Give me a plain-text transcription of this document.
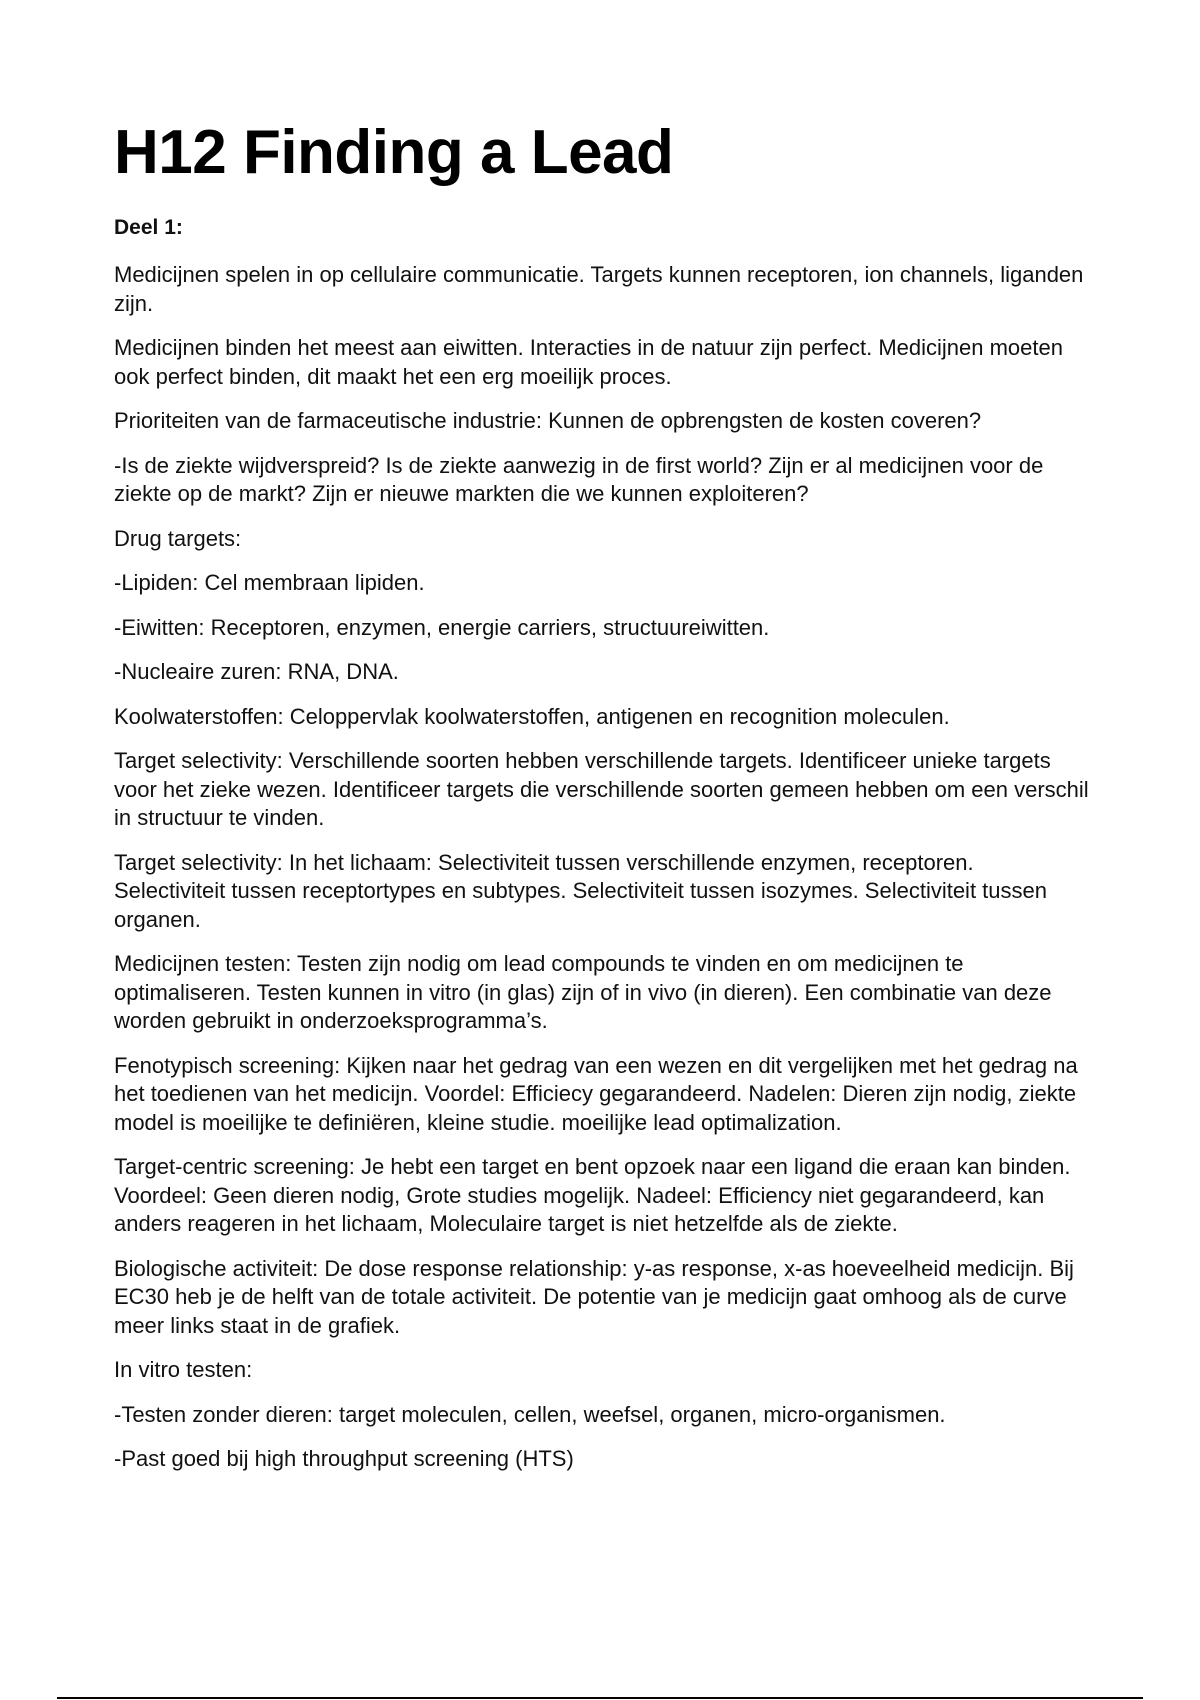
H12 Finding a Lead

Deel 1:

Medicijnen spelen in op cellulaire communicatie. Targets kunnen receptoren, ion channels, liganden zijn.

Medicijnen binden het meest aan eiwitten. Interacties in de natuur zijn perfect. Medicijnen moeten ook perfect binden, dit maakt het een erg moeilijk proces.

Prioriteiten van de farmaceutische industrie: Kunnen de opbrengsten de kosten coveren?

-Is de ziekte wijdverspreid? Is de ziekte aanwezig in de first world? Zijn er al medicijnen voor de ziekte op de markt? Zijn er nieuwe markten die we kunnen exploiteren?

Drug targets:

-Lipiden: Cel membraan lipiden.

-Eiwitten: Receptoren, enzymen, energie carriers, structuureiwitten.

-Nucleaire zuren: RNA, DNA.

Koolwaterstoffen: Celoppervlak koolwaterstoffen, antigenen en recognition moleculen.

Target selectivity: Verschillende soorten hebben verschillende targets. Identificeer unieke targets voor het zieke wezen. Identificeer targets die verschillende soorten gemeen hebben om een verschil in structuur te vinden.

Target selectivity: In het lichaam: Selectiviteit tussen verschillende enzymen, receptoren. Selectiviteit tussen receptortypes en subtypes. Selectiviteit tussen isozymes. Selectiviteit tussen organen.

Medicijnen testen: Testen zijn nodig om lead compounds te vinden en om medicijnen te optimaliseren. Testen kunnen in vitro (in glas) zijn of in vivo (in dieren). Een combinatie van deze worden gebruikt in onderzoeksprogramma’s.

Fenotypisch screening: Kijken naar het gedrag van een wezen en dit vergelijken met het gedrag na het toedienen van het medicijn. Voordel: Efficiecy gegarandeerd. Nadelen: Dieren zijn nodig, ziekte model is moeilijke te definiëren, kleine studie. moeilijke lead optimalization.

Target-centric screening: Je hebt een target en bent opzoek naar een ligand die eraan kan binden. Voordeel: Geen dieren nodig, Grote studies mogelijk. Nadeel: Efficiency niet gegarandeerd, kan anders reageren in het lichaam, Moleculaire target is niet hetzelfde als de ziekte.

Biologische activiteit: De dose response relationship: y-as response, x-as hoeveelheid medicijn. Bij EC30 heb je de helft van de totale activiteit. De potentie van je medicijn gaat omhoog als de curve meer links staat in de grafiek.

In vitro testen:

-Testen zonder dieren: target moleculen, cellen, weefsel, organen, micro-organismen.

-Past goed bij high throughput screening (HTS)
